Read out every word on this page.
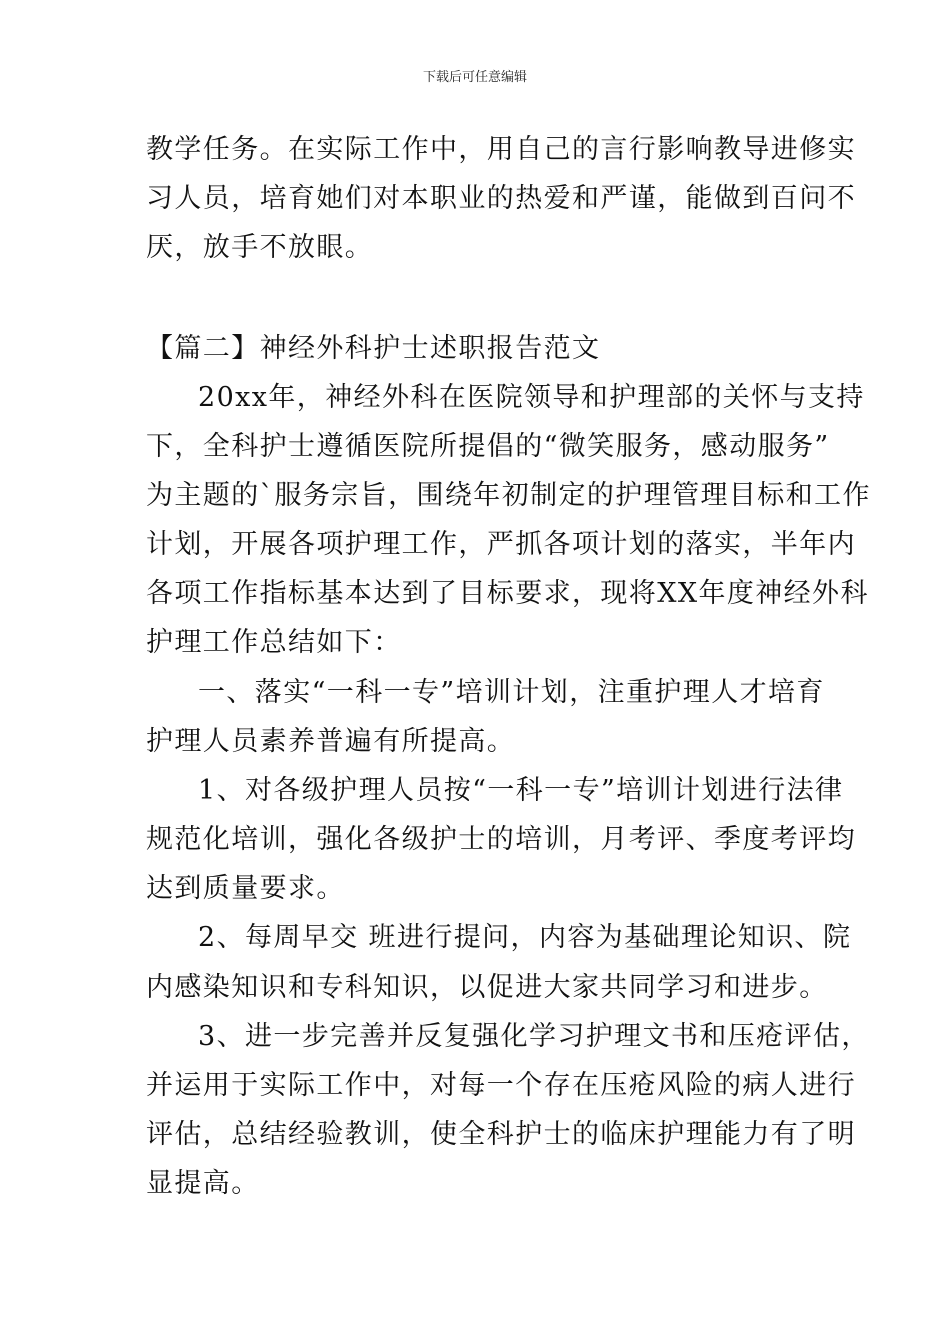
下载后可任意编辑
教学任务。在实际工作中，用自己的言行影响教导进修实
习人员，培育她们对本职业的热爱和严谨，能做到百问不
厌，放手不放眼。
【篇二】神经外科护士述职报告范文
20xx年，神经外科在医院领导和护理部的关怀与支持
下，全科护士遵循医院所提倡的“微笑服务，感动服务”
为主题的`服务宗旨，围绕年初制定的护理管理目标和工作
计划，开展各项护理工作，严抓各项计划的落实，半年内
各项工作指标基本达到了目标要求，现将XX年度神经外科
护理工作总结如下：
一、落实“一科一专”培训计划，注重护理人才培育
护理人员素养普遍有所提高。
1、对各级护理人员按“一科一专”培训计划进行法律
规范化培训，强化各级护士的培训，月考评、季度考评均
达到质量要求。
2、每周早交 班进行提问，内容为基础理论知识、院
内感染知识和专科知识，以促进大家共同学习和进步。
3、进一步完善并反复强化学习护理文书和压疮评估，
并运用于实际工作中，对每一个存在压疮风险的病人进行
评估，总结经验教训，使全科护士的临床护理能力有了明
显提高。
